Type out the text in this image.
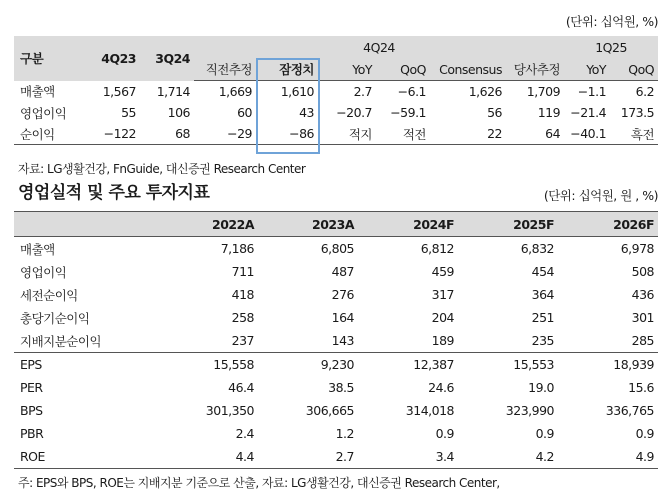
(단위: 십억원, %)
구분	4Q23	3Q24	4Q24						1Q25	
			직전추정	잠정치	YoY	QoQ	Consensus	당사추정	YoY	QoQ
매출액	1,567	1,714	1,669	1,610	2.7	−6.1	1,626	1,709	−1.1	6.2
영업이익	55	106	60	43	−20.7	−59.1	56	119	−21.4	173.5
순이익	−122	68	−29	−86	적지	적전	22	64	−40.1	흑전
자료: LG생활건강, FnGuide, 대신증권 Research Center
영업실적 및 주요 투자지표	(단위: 십억원, 원 , %)
	2022A	2023A	2024F	2025F	2026F
매출액	7,186	6,805	6,812	6,832	6,978
영업이익	711	487	459	454	508
세전순이익	418	276	317	364	436
총당기순이익	258	164	204	251	301
지배지분순이익	237	143	189	235	285
EPS	15,558	9,230	12,387	15,553	18,939
PER	46.4	38.5	24.6	19.0	15.6
BPS	301,350	306,665	314,018	323,990	336,765
PBR	2.4	1.2	0.9	0.9	0.9
ROE	4.4	2.7	3.4	4.2	4.9
주: EPS와 BPS, ROE는 지배지분 기준으로 산출, 자료: LG생활건강, 대신증권 Research Center,
